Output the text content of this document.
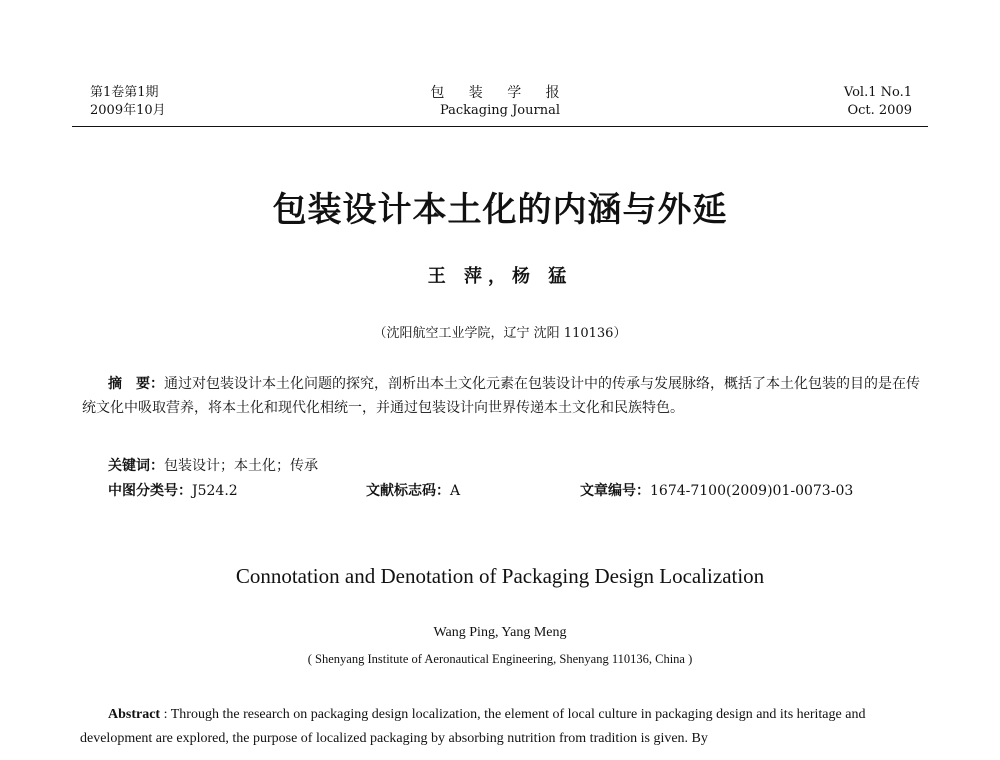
第1卷第1期
2009年10月
包 装 学 报
Packaging Journal
Vol.1 No.1
Oct. 2009
包装设计本土化的内涵与外延
王 萍，杨 猛
（沈阳航空工业学院，辽宁 沈阳 110136）

摘　要：通过对包装设计本土化问题的探究，剖析出本土文化元素在包装设计中的传承与发展脉络，概括了本土化包装的目的是在传统文化中吸取营养，将本土化和现代化相统一，并通过包装设计向世界传递本土文化和民族特色。

关键词：包装设计；本土化；传承
中图分类号：J524.2	文献标志码：A	文章编号：1674-7100(2009)01-0073-03
Connotation and Denotation of Packaging Design Localization
Wang Ping, Yang Meng
( Shenyang Institute of Aeronautical Engineering, Shenyang 110136, China )

Abstract : Through the research on packaging design localization, the element of local culture in packaging design and its heritage and development are explored, the purpose of localized packaging by absorbing nutrition from tradition is given. By
